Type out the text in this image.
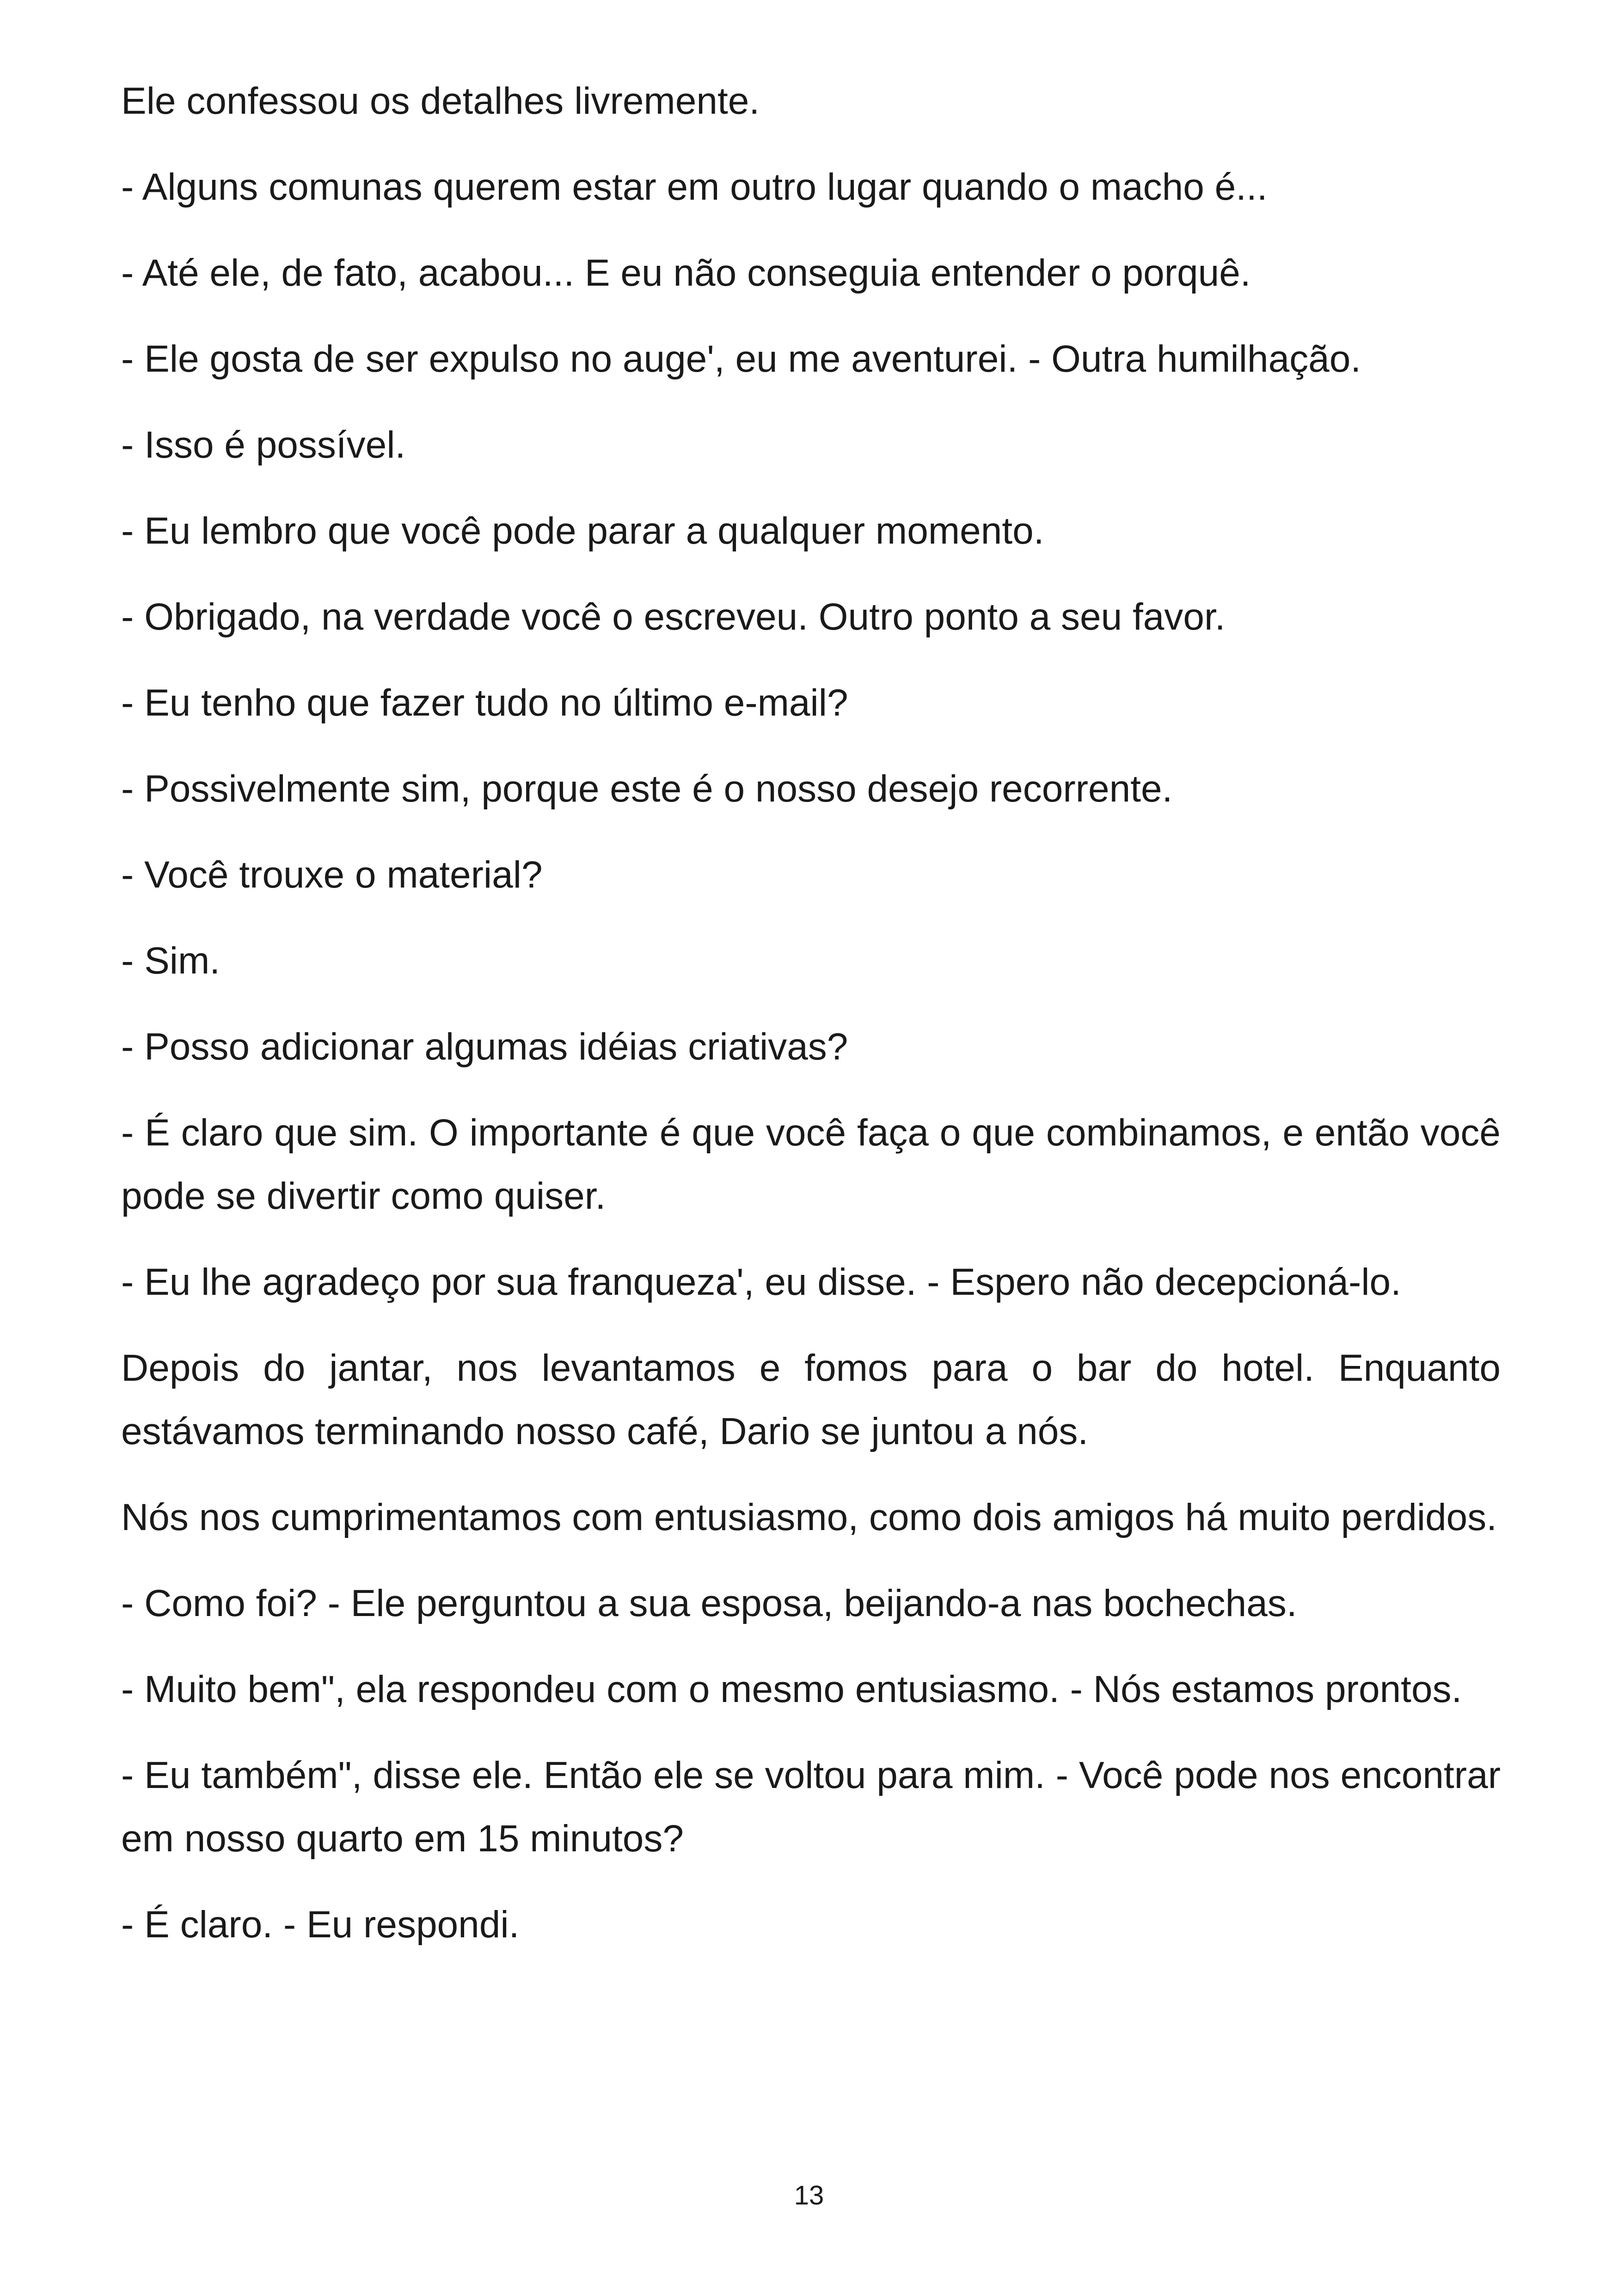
Ele confessou os detalhes livremente.

- Alguns comunas querem estar em outro lugar quando o macho é...

- Até ele, de fato, acabou... E eu não conseguia entender o porquê.

- Ele gosta de ser expulso no auge', eu me aventurei. - Outra humilhação.

- Isso é possível.

- Eu lembro que você pode parar a qualquer momento.

- Obrigado, na verdade você o escreveu. Outro ponto a seu favor.

- Eu tenho que fazer tudo no último e-mail?

- Possivelmente sim, porque este é o nosso desejo recorrente.

- Você trouxe o material?

- Sim.

- Posso adicionar algumas idéias criativas?

- É claro que sim. O importante é que você faça o que combinamos, e então você pode se divertir como quiser.

- Eu lhe agradeço por sua franqueza', eu disse. - Espero não decepcioná-lo.

Depois do jantar, nos levantamos e fomos para o bar do hotel. Enquanto estávamos terminando nosso café, Dario se juntou a nós.

Nós nos cumprimentamos com entusiasmo, como dois amigos há muito perdidos.

- Como foi? - Ele perguntou a sua esposa, beijando-a nas bochechas.

- Muito bem", ela respondeu com o mesmo entusiasmo. - Nós estamos prontos.

- Eu também", disse ele. Então ele se voltou para mim. - Você pode nos encontrar em nosso quarto em 15 minutos?

- É claro. - Eu respondi.

13
